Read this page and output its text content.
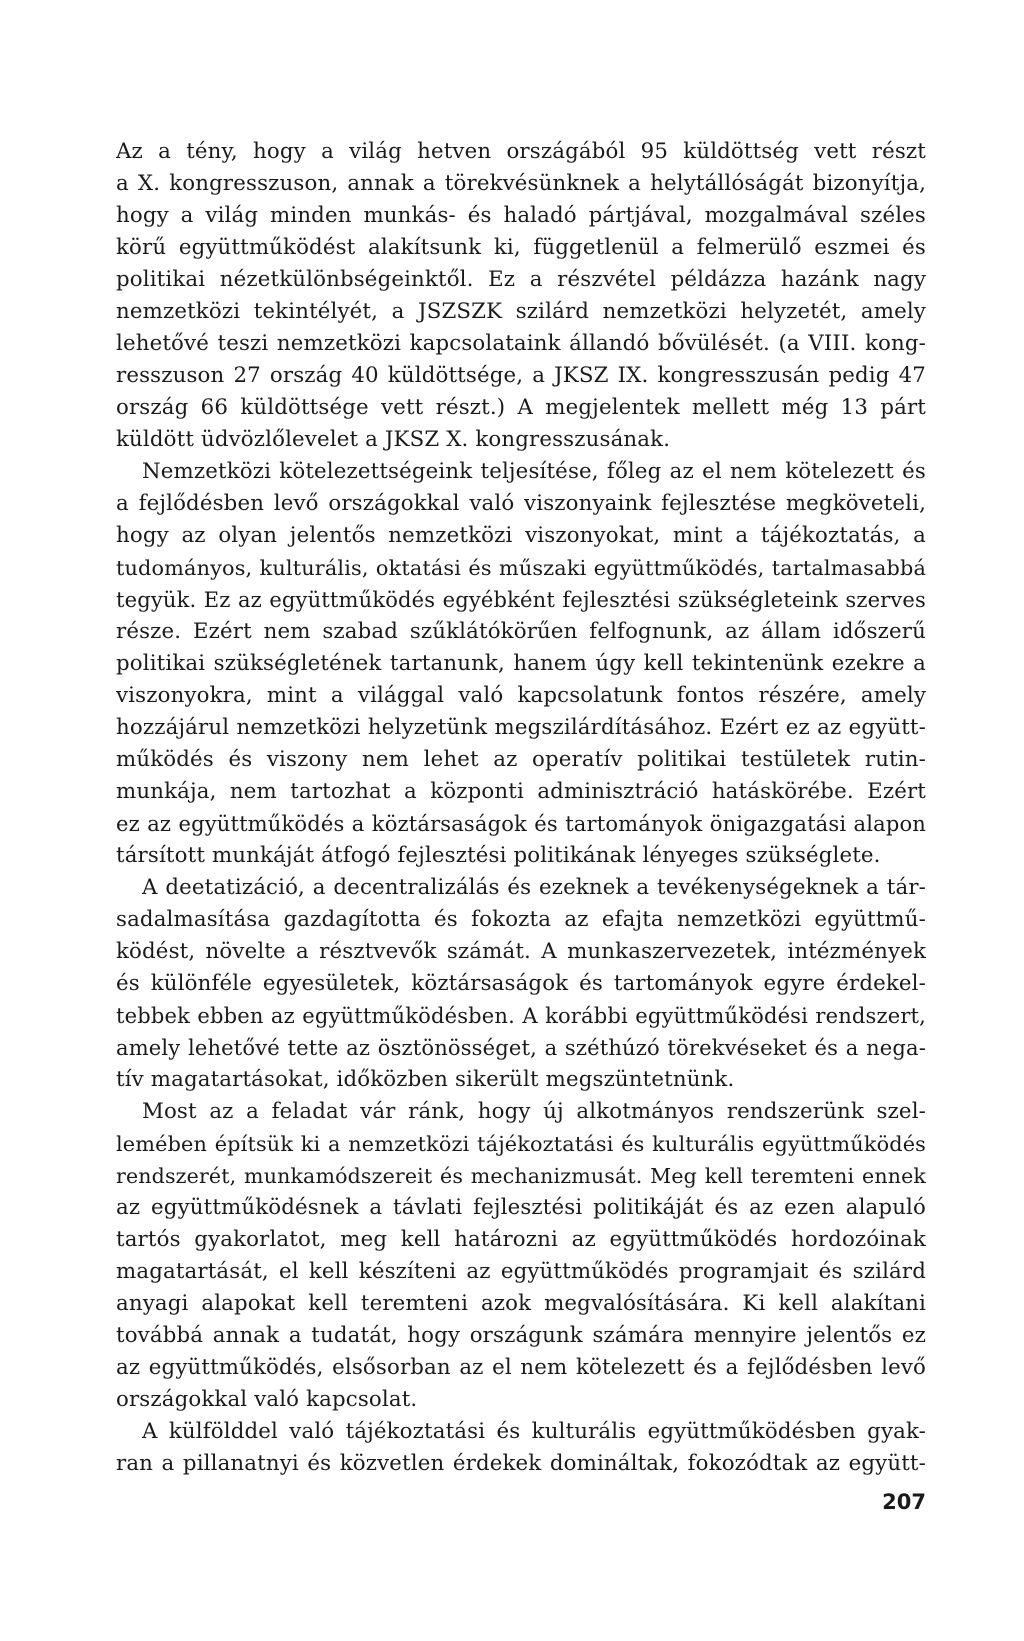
Az a tény, hogy a világ hetven országából 95 küldöttség vett részt
a X. kongresszuson, annak a törekvésünknek a helytállóságát bizonyítja,
hogy a világ minden munkás- és haladó pártjával, mozgalmával széles
körű együttműködést alakítsunk ki, függetlenül a felmerülő eszmei és
politikai nézetkülönbségeinktől. Ez a részvétel példázza hazánk nagy
nemzetközi tekintélyét, a JSZSZK szilárd nemzetközi helyzetét, amely
lehetővé teszi nemzetközi kapcsolataink állandó bővülését. (a VIII. kong-
resszuson 27 ország 40 küldöttsége, a JKSZ IX. kongresszusán pedig 47
ország 66 küldöttsége vett részt.) A megjelentek mellett még 13 párt
küldött üdvözlőlevelet a JKSZ X. kongresszusának.
Nemzetközi kötelezettségeink teljesítése, főleg az el nem kötelezett és
a fejlődésben levő országokkal való viszonyaink fejlesztése megköveteli,
hogy az olyan jelentős nemzetközi viszonyokat, mint a tájékoztatás, a
tudományos, kulturális, oktatási és műszaki együttműködés, tartalmasabbá
tegyük. Ez az együttműködés egyébként fejlesztési szükségleteink szerves
része. Ezért nem szabad szűklátókörűen felfognunk, az állam időszerű
politikai szükségletének tartanunk, hanem úgy kell tekintenünk ezekre a
viszonyokra, mint a világgal való kapcsolatunk fontos részére, amely
hozzájárul nemzetközi helyzetünk megszilárdításához. Ezért ez az együtt-
működés és viszony nem lehet az operatív politikai testületek rutin-
munkája, nem tartozhat a központi adminisztráció hatáskörébe. Ezért
ez az együttműködés a köztársaságok és tartományok önigazgatási alapon
társított munkáját átfogó fejlesztési politikának lényeges szükséglete.
A deetatizáció, a decentralizálás és ezeknek a tevékenységeknek a tár-
sadalmasítása gazdagította és fokozta az efajta nemzetközi együttmű-
ködést, növelte a résztvevők számát. A munkaszervezetek, intézmények
és különféle egyesületek, köztársaságok és tartományok egyre érdekel-
tebbek ebben az együttműködésben. A korábbi együttműködési rendszert,
amely lehetővé tette az ösztönösséget, a széthúzó törekvéseket és a nega-
tív magatartásokat, időközben sikerült megszüntetnünk.
Most az a feladat vár ránk, hogy új alkotmányos rendszerünk szel-
lemében építsük ki a nemzetközi tájékoztatási és kulturális együttműködés
rendszerét, munkamódszereit és mechanizmusát. Meg kell teremteni ennek
az együttműködésnek a távlati fejlesztési politikáját és az ezen alapuló
tartós gyakorlatot, meg kell határozni az együttműködés hordozóinak
magatartását, el kell készíteni az együttműködés programjait és szilárd
anyagi alapokat kell teremteni azok megvalósítására. Ki kell alakítani
továbbá annak a tudatát, hogy országunk számára mennyire jelentős ez
az együttműködés, elsősorban az el nem kötelezett és a fejlődésben levő
országokkal való kapcsolat.
A külfölddel való tájékoztatási és kulturális együttműködésben gyak-
ran a pillanatnyi és közvetlen érdekek domináltak, fokozódtak az együtt-
207
